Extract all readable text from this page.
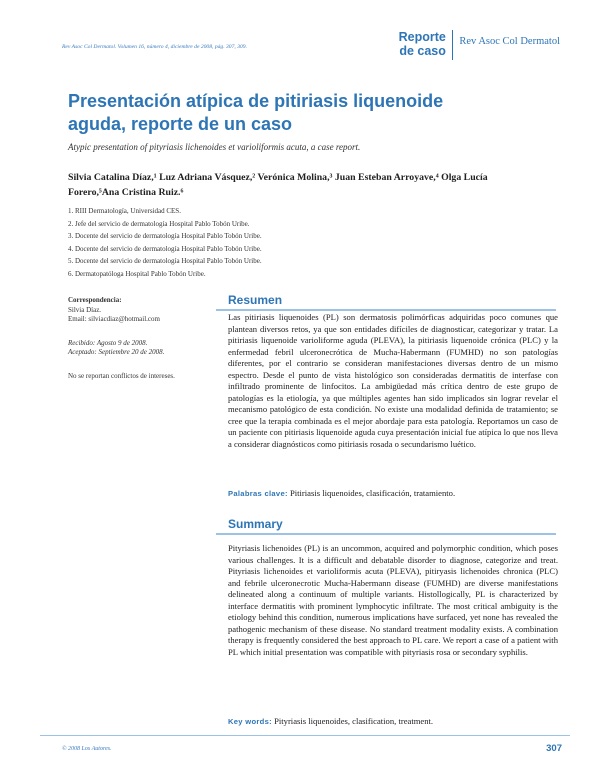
Rev Asoc Col Dermatol. Volumen 16, número 4, diciembre de 2008, pág. 307, 309.
Reporte
de caso
Rev Asoc Col Dermatol
Presentación atípica de pitiriasis liquenoide aguda, reporte de un caso
Atypic presentation of pityriasis lichenoides et varioliformis acuta, a case report.
Silvia Catalina Díaz,¹ Luz Adriana Vásquez,² Verónica Molina,³ Juan Esteban Arroyave,⁴ Olga Lucía Forero,⁵Ana Cristina Ruiz.⁶
1. RIII Dermatología, Universidad CES.
2. Jefe del servicio de dermatología Hospital Pablo Tobón Uribe.
3. Docente del servicio de dermatología Hospital Pablo Tobón Uribe.
4. Docente del servicio de dermatología Hospital Pablo Tobón Uribe.
5. Docente del servicio de dermatología Hospital Pablo Tobón Uribe.
6. Dermatopatóloga Hospital Pablo Tobón Uribe.
Correspondencia:
Silvia Díaz.
Email: silviacdiaz@hotmail.com
Recibido: Agosto 9 de 2008.
Aceptado: Septiembre 20 de 2008.
No se reportan conflictos de intereses.
Resumen

Las pitiriasis liquenoides (PL) son dermatosis polimórficas adquiridas poco comunes que plantean diversos retos, ya que son entidades difíciles de diagnosticar, categorizar y tratar. La pitiriasis liquenoide varioliforme aguda (PLEVA), la pitiriasis liquenoide crónica (PLC) y la enfermedad febril ulceronecrótica de Mucha-Habermann (FUMHD) no son patologías diferentes, por el contrario se consideran manifestaciones diversas dentro de un mismo espectro. Desde el punto de vista histológico son consideradas dermatitis de interfase con infiltrado prominente de linfocitos. La ambigüedad más crítica dentro de este grupo de patologías es la etiología, ya que múltiples agentes han sido implicados sin lograr revelar el mecanismo patológico de esta condición. No existe una modalidad definida de tratamiento; se cree que la terapia combinada es el mejor abordaje para esta patología. Reportamos un caso de un paciente con pitiriasis liquenoide aguda cuya presentación inicial fue atípica lo que nos lleva a considerar diagnósticos como pitiriasis rosada o secundarismo luético.

Palabras clave: Pitiriasis liquenoides, clasificación, tratamiento.
Summary

Pityriasis lichenoides (PL) is an uncommon, acquired and polymorphic condition, which poses various challenges. It is a difficult and debatable disorder to diagnose, categorize and treat. Pityriasis lichenoides et varioliformis acuta (PLEVA), pitiryasis lichenoides chronica (PLC) and febrile ulceronecrotic Mucha-Habermann disease (FUMHD) are diverse manifestations delineated along a continuum of multiple variants. Histollogically, PL is characterized by interface dermatitis with prominent lymphocytic infiltrate. The most critical ambiguity is the etiology behind this condition, numerous implications have surfaced, yet none has revealed the pathogenic mechanism of these disease. No standard treatment modality exists. A combination therapy is frequently considered the best approach to PL care. We report a case of a patient with PL which initial presentation was compatible with pityriasis rosa or secondary syphilis.

Key words: Pityriasis liquenoides, clasification, treatment.
© 2008 Los Autores.	307
